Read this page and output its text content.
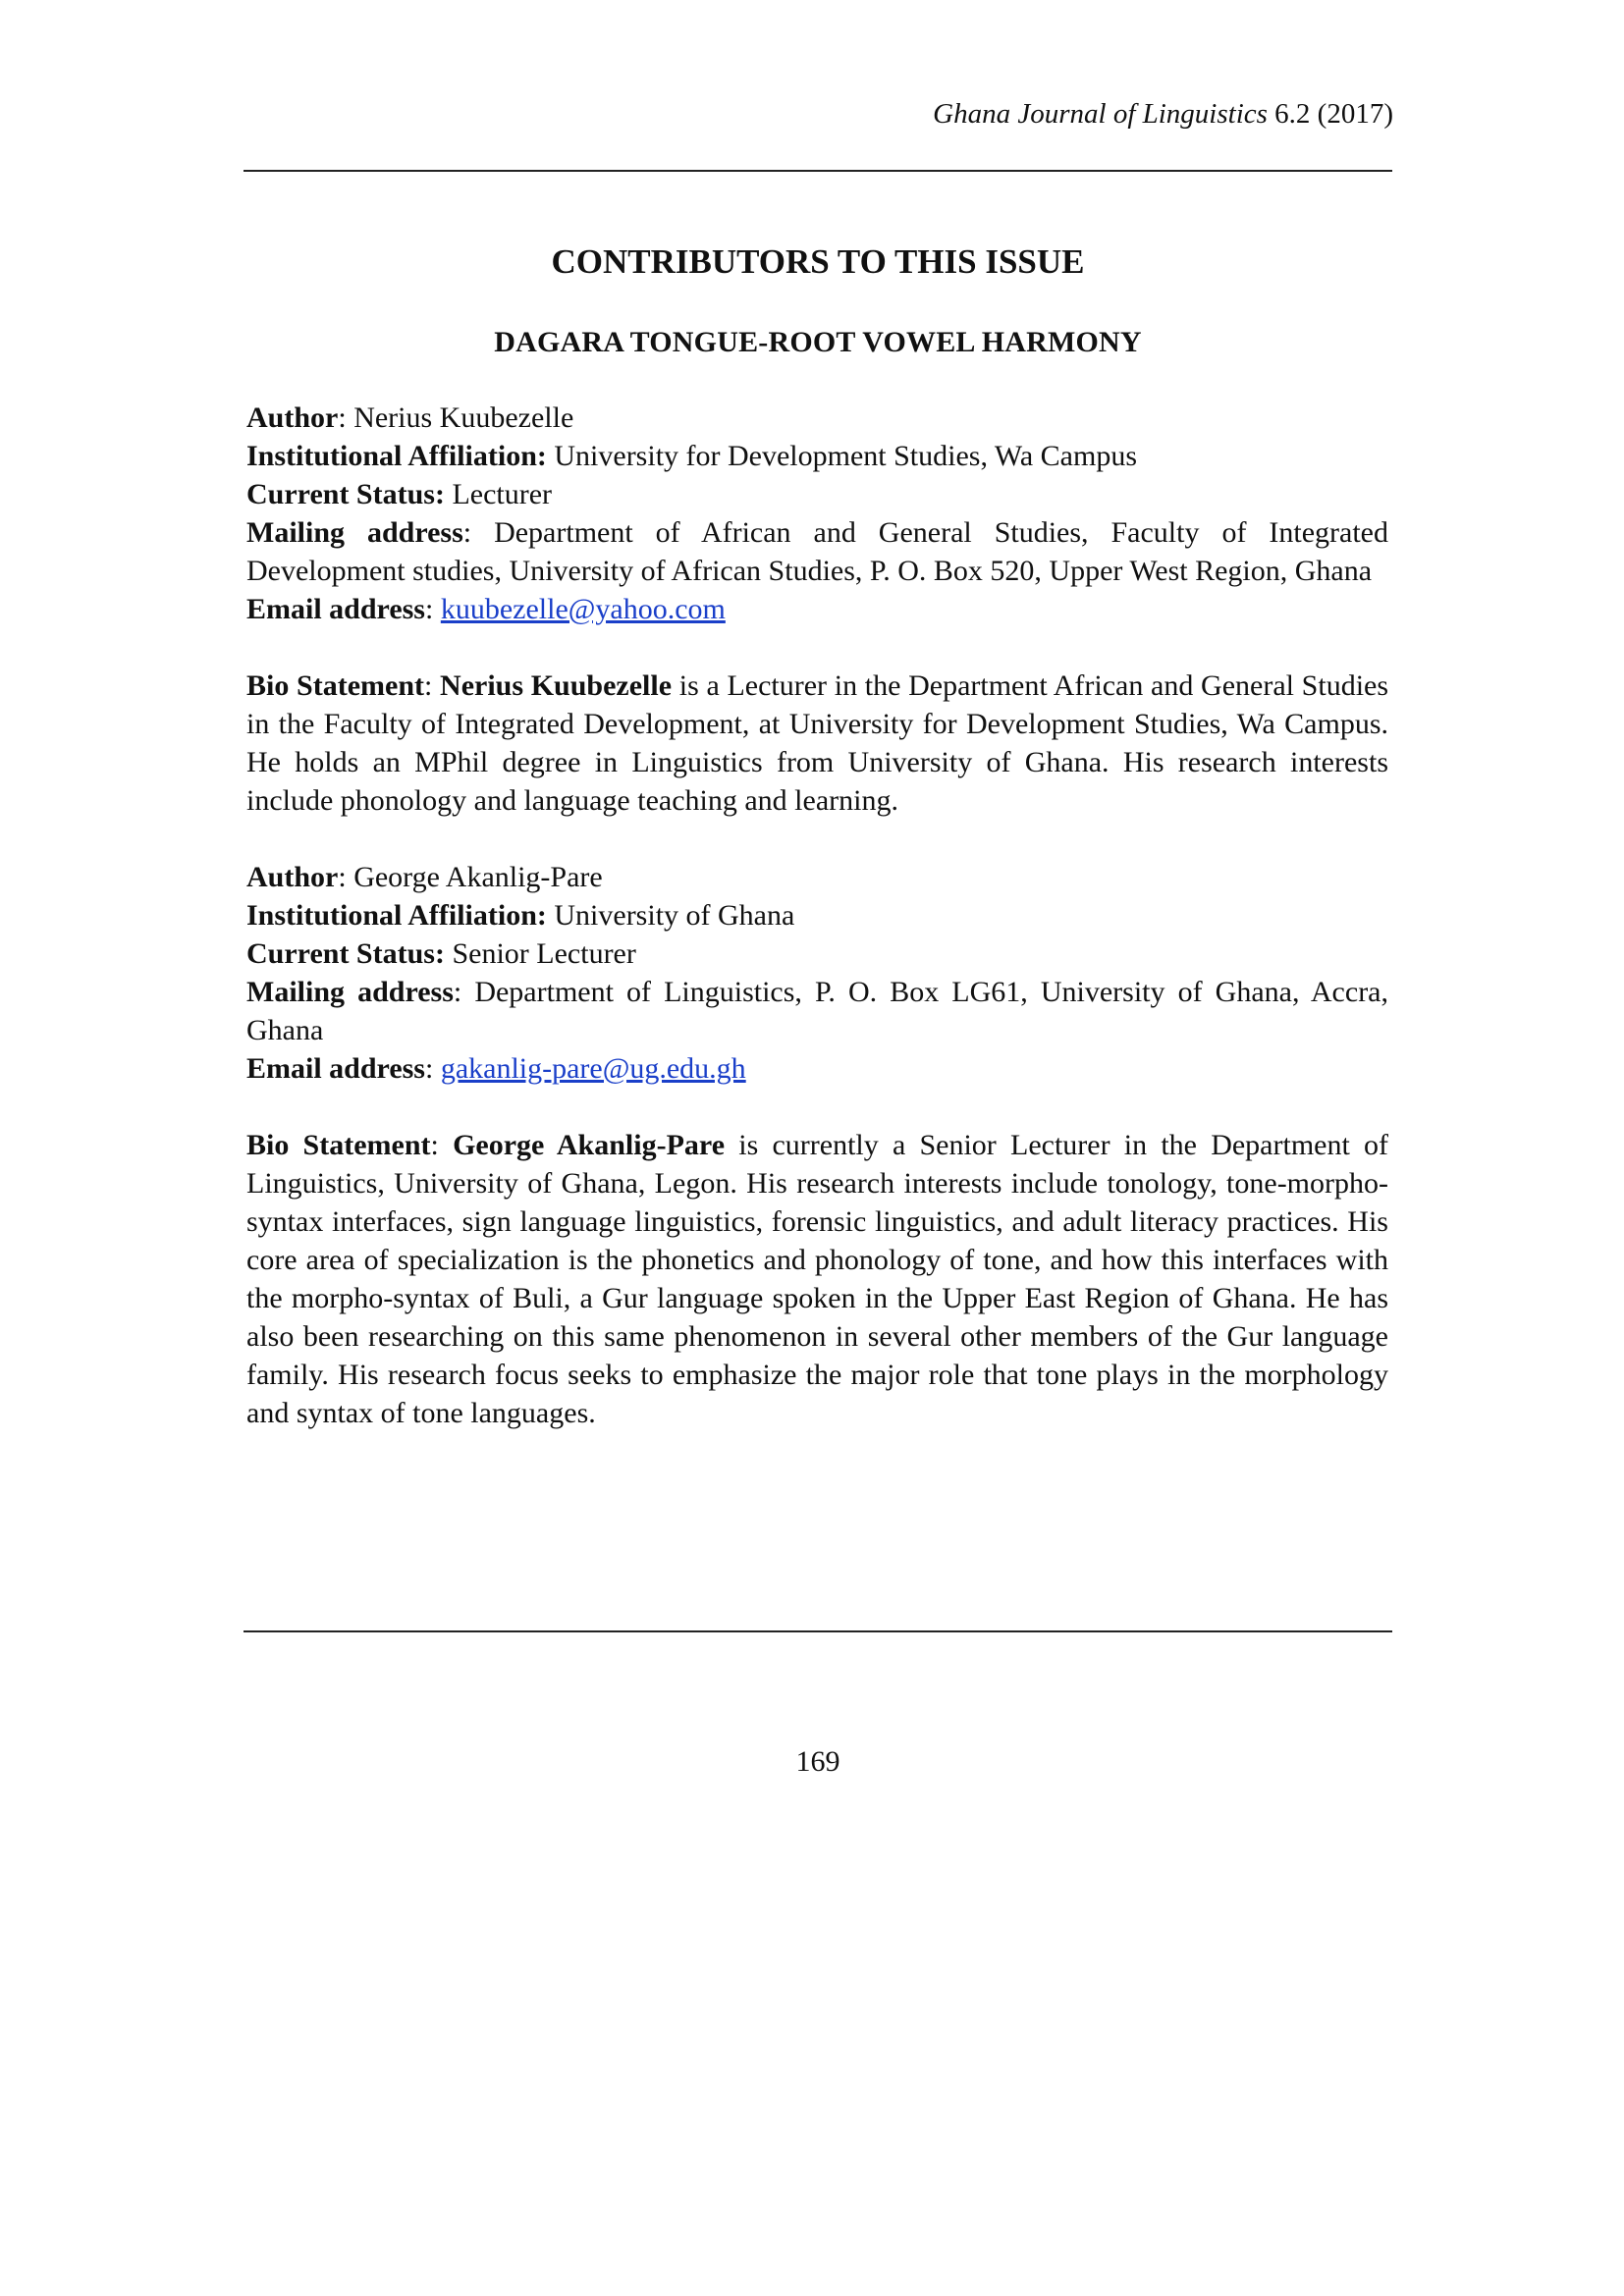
Ghana Journal of Linguistics 6.2 (2017)
CONTRIBUTORS TO THIS ISSUE
DAGARA TONGUE-ROOT VOWEL HARMONY
Author: Nerius Kuubezelle
Institutional Affiliation: University for Development Studies, Wa Campus
Current Status: Lecturer
Mailing address: Department of African and General Studies, Faculty of Integrated Development studies, University of African Studies, P. O. Box 520, Upper West Region, Ghana
Email address: kuubezelle@yahoo.com
Bio Statement: Nerius Kuubezelle is a Lecturer in the Department African and General Studies in the Faculty of Integrated Development, at University for Development Studies, Wa Campus. He holds an MPhil degree in Linguistics from University of Ghana. His research interests include phonology and language teaching and learning.
Author: George Akanlig-Pare
Institutional Affiliation: University of Ghana
Current Status: Senior Lecturer
Mailing address: Department of Linguistics, P. O. Box LG61, University of Ghana, Accra, Ghana
Email address: gakanlig-pare@ug.edu.gh
Bio Statement: George Akanlig-Pare is currently a Senior Lecturer in the Department of Linguistics, University of Ghana, Legon. His research interests include tonology, tone-morpho-syntax interfaces, sign language linguistics, forensic linguistics, and adult literacy practices. His core area of specialization is the phonetics and phonology of tone, and how this interfaces with the morpho-syntax of Buli, a Gur language spoken in the Upper East Region of Ghana. He has also been researching on this same phenomenon in several other members of the Gur language family. His research focus seeks to emphasize the major role that tone plays in the morphology and syntax of tone languages.
169
